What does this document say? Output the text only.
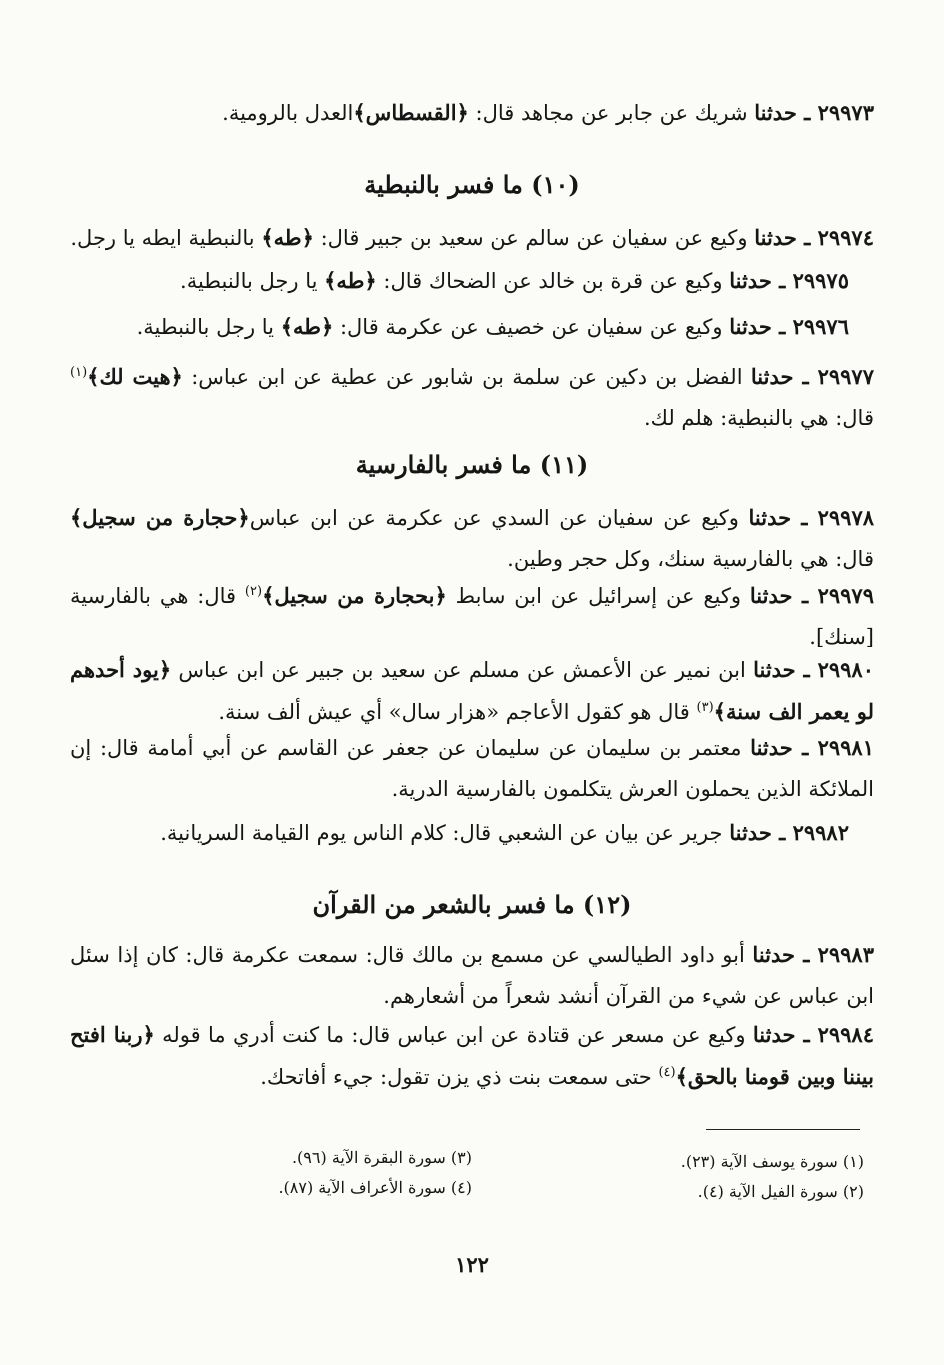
٢٩٩٧٣ ـ حدثنا شريك عن جابر عن مجاهد قال: ﴿القسطاس﴾العدل بالرومية.

(١٠) ما فسر بالنبطية

٢٩٩٧٤ ـ حدثنا وكيع عن سفيان عن سالم عن سعيد بن جبير قال: ﴿طه﴾ بالنبطية ايطه يا رجل.

٢٩٩٧٥ ـ حدثنا وكيع عن قرة بن خالد عن الضحاك قال: ﴿طه﴾ يا رجل بالنبطية.

٢٩٩٧٦ ـ حدثنا وكيع عن سفيان عن خصيف عن عكرمة قال: ﴿طه﴾ يا رجل بالنبطية.

٢٩٩٧٧ ـ حدثنا الفضل بن دكين عن سلمة بن شابور عن عطية عن ابن عباس: ﴿هيت لك﴾$^{(١)}$ قال: هي بالنبطية: هلم لك.

(١١) ما فسر بالفارسية

٢٩٩٧٨ ـ حدثنا وكيع عن سفيان عن السدي عن عكرمة عن ابن عباس﴿حجارة من سجيل﴾ قال: هي بالفارسية سنك، وكل حجر وطين.

٢٩٩٧٩ ـ حدثنا وكيع عن إسرائيل عن ابن سابط ﴿بحجارة من سجيل﴾$^{(٢)}$ قال: هي بالفارسية [سنك].

٢٩٩٨٠ ـ حدثنا ابن نمير عن الأعمش عن مسلم عن سعيد بن جبير عن ابن عباس ﴿يود أحدهم لو يعمر الف سنة﴾$^{(٣)}$ قال هو كقول الأعاجم «هزار سال» أي عيش ألف سنة.

٢٩٩٨١ ـ حدثنا معتمر بن سليمان عن سليمان عن جعفر عن القاسم عن أبي أمامة قال: إن الملائكة الذين يحملون العرش يتكلمون بالفارسية الدرية.

٢٩٩٨٢ ـ حدثنا جرير عن بيان عن الشعبي قال: كلام الناس يوم القيامة السريانية.

(١٢) ما فسر بالشعر من القرآن

٢٩٩٨٣ ـ حدثنا أبو داود الطيالسي عن مسمع بن مالك قال: سمعت عكرمة قال: كان إذا سئل ابن عباس عن شيء من القرآن أنشد شعراً من أشعارهم.

٢٩٩٨٤ ـ حدثنا وكيع عن مسعر عن قتادة عن ابن عباس قال: ما كنت أدري ما قوله ﴿ربنا افتح بيننا وبين قومنا بالحق﴾$^{(٤)}$ حتى سمعت بنت ذي يزن تقول: جيء أفاتحك.

(١) سورة يوسف الآية (٢٣).

(٢) سورة الفيل الآية (٤).

(٣) سورة البقرة الآية (٩٦).

(٤) سورة الأعراف الآية (٨٧).

١٢٢
